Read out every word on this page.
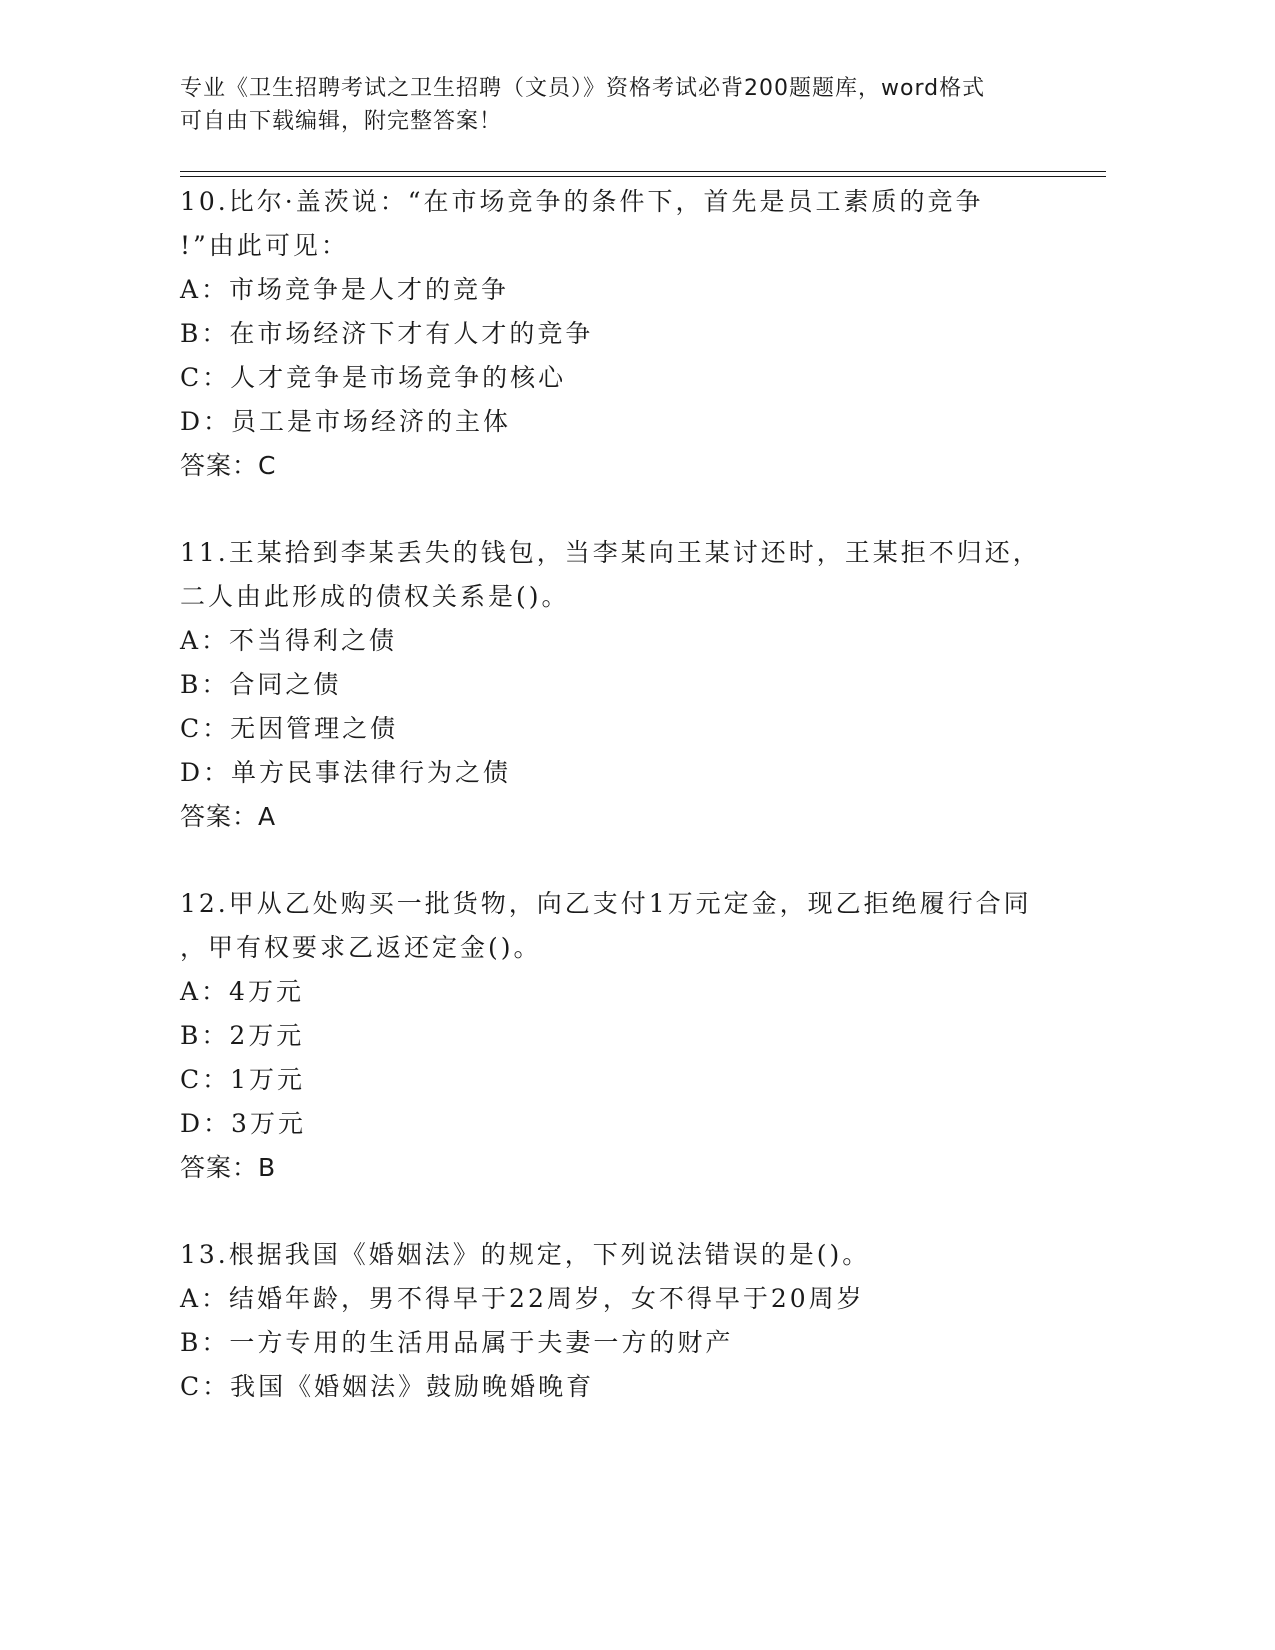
专业《卫生招聘考试之卫生招聘（文员）》资格考试必背200题题库，word格式
可自由下载编辑，附完整答案！
10.比尔·盖茨说：“在市场竞争的条件下，首先是员工素质的竞争
!”由此可见：
A：市场竞争是人才的竞争
B：在市场经济下才有人才的竞争
C：人才竞争是市场竞争的核心
D：员工是市场经济的主体
答案：C
11.王某拾到李某丢失的钱包，当李某向王某讨还时，王某拒不归还，
二人由此形成的债权关系是()。
A：不当得利之债
B：合同之债
C：无因管理之债
D：单方民事法律行为之债
答案：A
12.甲从乙处购买一批货物，向乙支付1万元定金，现乙拒绝履行合同
，甲有权要求乙返还定金()。
A：4万元
B：2万元
C：1万元
D：3万元
答案：B
13.根据我国《婚姻法》的规定，下列说法错误的是()。
A：结婚年龄，男不得早于22周岁，女不得早于20周岁
B：一方专用的生活用品属于夫妻一方的财产
C：我国《婚姻法》鼓励晚婚晚育
